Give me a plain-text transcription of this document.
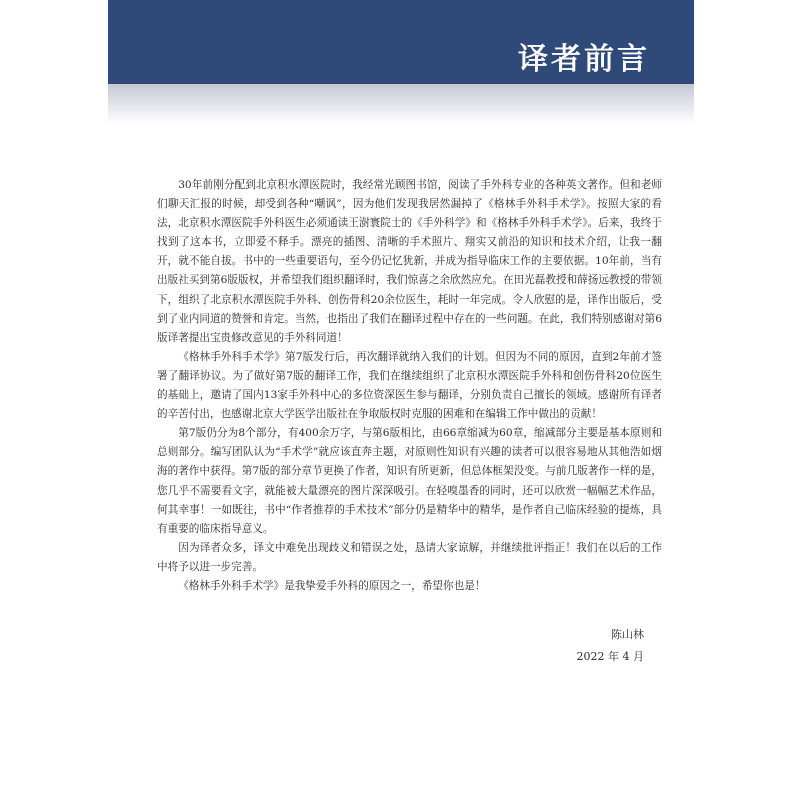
译者前言

30年前刚分配到北京积水潭医院时，我经常光顾图书馆，阅读了手外科专业的各种英文著作。但和老师们聊天汇报的时候，却受到各种“嘲讽”，因为他们发现我居然漏掉了《格林手外科手术学》。按照大家的看法，北京积水潭医院手外科医生必须通读王澍寰院士的《手外科学》和《格林手外科手术学》。后来，我终于找到了这本书，立即爱不释手。漂亮的插图、清晰的手术照片、翔实又前沿的知识和技术介绍，让我一翻开，就不能自拔。书中的一些重要语句，至今仍记忆犹新，并成为指导临床工作的主要依据。10年前，当有出版社买到第6版版权，并希望我们组织翻译时，我们惊喜之余欣然应允。在田光磊教授和薛扬远教授的带领下，组织了北京积水潭医院手外科、创伤骨科20余位医生，耗时一年完成。令人欣慰的是，译作出版后，受到了业内同道的赞誉和肯定。当然，也指出了我们在翻译过程中存在的一些问题。在此，我们特别感谢对第6版译著提出宝贵修改意见的手外科同道！

《格林手外科手术学》第7版发行后，再次翻译就纳入我们的计划。但因为不同的原因，直到2年前才签署了翻译协议。为了做好第7版的翻译工作，我们在继续组织了北京积水潭医院手外科和创伤骨科20位医生的基础上，邀请了国内13家手外科中心的多位资深医生参与翻译，分别负责自己擅长的领域。感谢所有译者的辛苦付出，也感谢北京大学医学出版社在争取版权时克服的困难和在编辑工作中做出的贡献！

第7版仍分为8个部分，有400余万字，与第6版相比，由66章缩减为60章，缩减部分主要是基本原则和总则部分。编写团队认为“手术学”就应该直奔主题，对原则性知识有兴趣的读者可以很容易地从其他浩如烟海的著作中获得。第7版的部分章节更换了作者，知识有所更新，但总体框架没变。与前几版著作一样的是，您几乎不需要看文字，就能被大量漂亮的图片深深吸引。在轻嗅墨香的同时，还可以欣赏一幅幅艺术作品，何其幸事！一如既往，书中“作者推荐的手术技术”部分仍是精华中的精华，是作者自己临床经验的提炼，具有重要的临床指导意义。

因为译者众多，译文中难免出现歧义和错误之处，恳请大家谅解，并继续批评指正！我们在以后的工作中将予以进一步完善。

《格林手外科手术学》是我挚爱手外科的原因之一，希望你也是！

陈山林
2022 年 4 月
